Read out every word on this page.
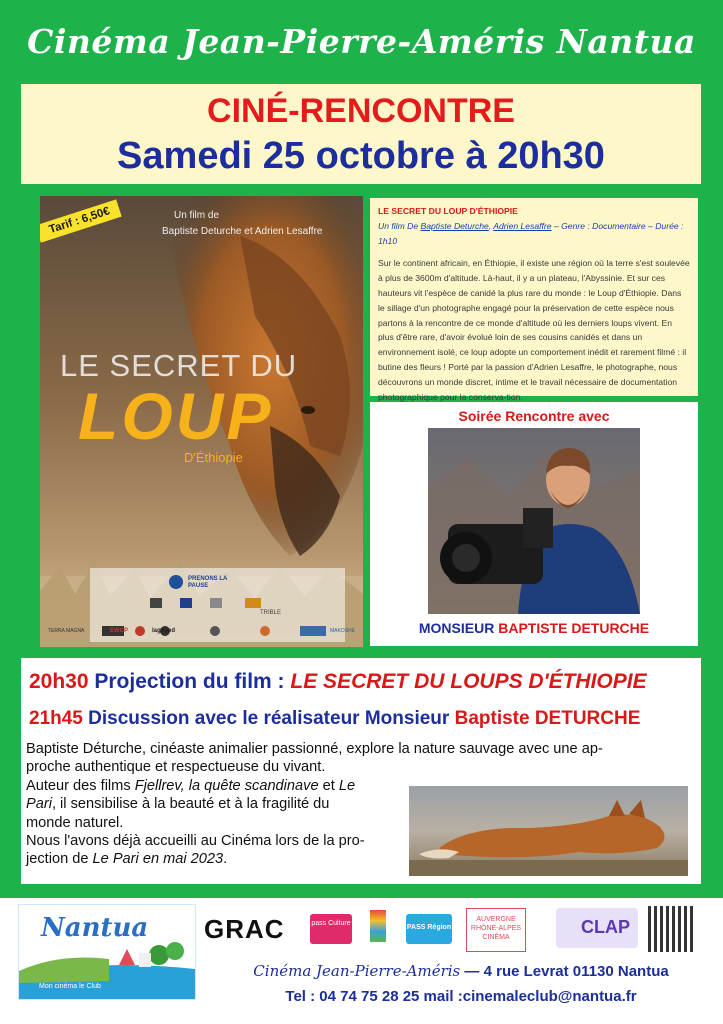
Cinéma Jean-Pierre-Améris Nantua
CINÉ-RENCONTRE
Samedi 25 octobre à 20h30
Tarif : 6,50€	Un film de
Baptiste Deturche et Adrien Lesaffre
LE SECRET DU
LOUP
D'Éthiopie
PRENONS LA PAUSE
TRIBLE
EWCP	lagoped
TERRA MAGNA	MAKOSHE
LE SECRET DU LOUP D'ÉTHIOPIE
Un film De Baptiste Deturche, Adrien Lesaffre – Genre : Documentaire – Durée : 1h10
Sur le continent africain, en Éthiopie, il existe une région où la terre s'est soulevée à plus de 3600m d'altitude. Là-haut, il y a un plateau, l'Abyssinie. Et sur ces hauteurs vit l'espèce de canidé la plus rare du monde : le Loup d'Éthiopie. Dans le sillage d'un photographe engagé pour la préservation de cette espèce nous partons à la rencontre de ce monde d'altitude où les derniers loups vivent. En plus d'être rare, d'avoir évolué loin de ses cousins canidés et dans un environnement isolé, ce loup adopte un comportement inédit et rarement filmé : il butine des fleurs ! Porté par la passion d'Adrien Lesaffre, le photographe, nous découvrons un monde discret, intime et le travail nécessaire de documentation photographique pour la conserva-tion.
Soirée Rencontre avec
MONSIEUR BAPTISTE DETURCHE
20h30 Projection du film : LE SECRET DU LOUPS D'ÉTHIOPIE
21h45 Discussion avec le réalisateur Monsieur Baptiste DETURCHE
Baptiste Déturche, cinéaste animalier passionné, explore la nature sauvage avec une ap-
proche authentique et respectueuse du vivant.
Auteur des films Fjellrev, la quête scandinave et Le
Pari, il sensibilise à la beauté et à la fragilité du
monde naturel.
Nous l'avons déjà accueilli au Cinéma lors de la pro-
jection de Le Pari en mai 2023.
Nantua
Mon cinéma le Club
GRAC	pass Culture
PASS Région
AUVERGNE RHÔNE-ALPES CINÉMA
CLAP
Cinéma Jean-Pierre-Améris — 4 rue Levrat 01130 Nantua
Tel : 04 74 75 28 25 mail :cinemaleclub@nantua.fr
